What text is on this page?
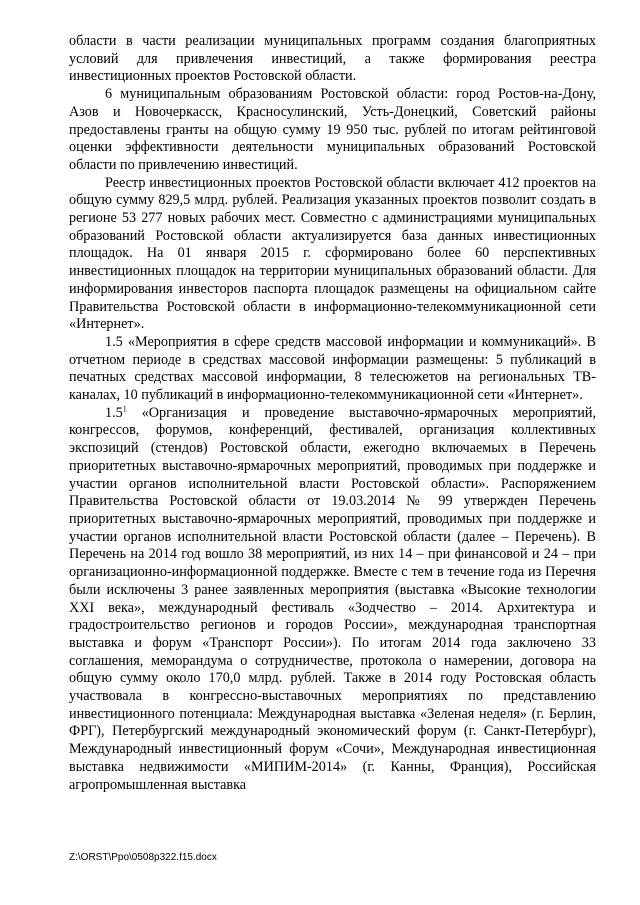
области в части реализации муниципальных программ создания благоприятных условий для привлечения инвестиций, а также формирования реестра инвестиционных проектов Ростовской области.

6 муниципальным образованиям Ростовской области: город Ростов-на-Дону, Азов и Новочеркасск, Красносулинский, Усть-Донецкий, Советский районы предоставлены гранты на общую сумму 19 950 тыс. рублей по итогам рейтинговой оценки эффективности деятельности муниципальных образований Ростовской области по привлечению инвестиций.

Реестр инвестиционных проектов Ростовской области включает 412 проектов на общую сумму 829,5 млрд. рублей. Реализация указанных проектов позволит создать в регионе 53 277 новых рабочих мест. Совместно с администрациями муниципальных образований Ростовской области актуализируется база данных инвестиционных площадок. На 01 января 2015 г. сформировано более 60 перспективных инвестиционных площадок на территории муниципальных образований области. Для информирования инвесторов паспорта площадок размещены на официальном сайте Правительства Ростовской области в информационно-телекоммуникационной сети «Интернет».

1.5 «Мероприятия в сфере средств массовой информации и коммуникаций». В отчетном периоде в средствах массовой информации размещены: 5 публикаций в печатных средствах массовой информации, 8 телесюжетов на региональных ТВ-каналах, 10 публикаций в информационно-телекоммуникационной сети «Интернет».

$1.5^1$ «Организация и проведение выставочно-ярмарочных мероприятий, конгрессов, форумов, конференций, фестивалей, организация коллективных экспозиций (стендов) Ростовской области, ежегодно включаемых в Перечень приоритетных выставочно-ярмарочных мероприятий, проводимых при поддержке и участии органов исполнительной власти Ростовской области». Распоряжением Правительства Ростовской области от 19.03.2014 № 99 утвержден Перечень приоритетных выставочно-ярмарочных мероприятий, проводимых при поддержке и участии органов исполнительной власти Ростовской области (далее – Перечень). В Перечень на 2014 год вошло 38 мероприятий, из них 14 – при финансовой и 24 – при организационно-информационной поддержке. Вместе с тем в течение года из Перечня были исключены 3 ранее заявленных мероприятия (выставка «Высокие технологии XXI века», международный фестиваль «Зодчество – 2014. Архитектура и градостроительство регионов и городов России», международная транспортная выставка и форум «Транспорт России»). По итогам 2014 года заключено 33 соглашения, меморандума о сотрудничестве, протокола о намерении, договора на общую сумму около 170,0 млрд. рублей. Также в 2014 году Ростовская область участвовала в конгрессно-выставочных мероприятиях по представлению инвестиционного потенциала: Международная выставка «Зеленая неделя» (г. Берлин, ФРГ), Петербургский международный экономический форум (г. Санкт-Петербург), Международный инвестиционный форум «Сочи», Международная инвестиционная выставка недвижимости «МИПИМ-2014» (г. Канны, Франция), Российская агропромышленная выставка

Z:\ORST\Ppo\0508p322.f15.docx
